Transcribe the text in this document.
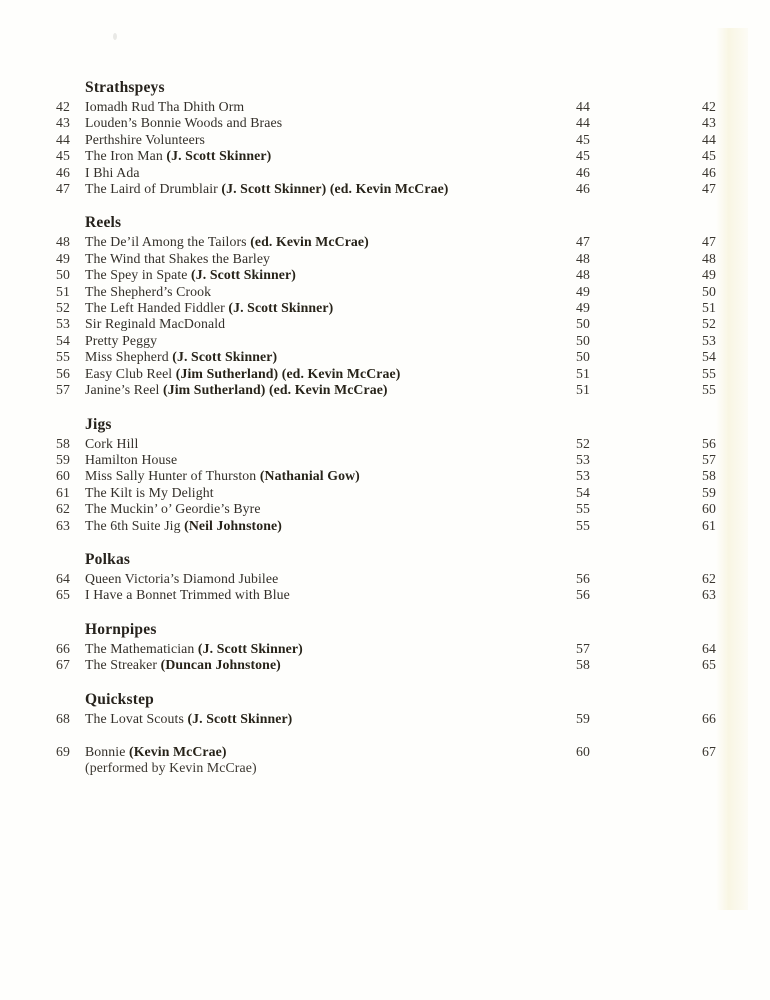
Strathspeys
42	Iomadh Rud Tha Dhith Orm	44	42
43	Louden’s Bonnie Woods and Braes	44	43
44	Perthshire Volunteers	45	44
45	The Iron Man (J. Scott Skinner)	45	45
46	I Bhi Ada	46	46
47	The Laird of Drumblair (J. Scott Skinner) (ed. Kevin McCrae)	46	47
Reels
48	The De’il Among the Tailors (ed. Kevin McCrae)	47	47
49	The Wind that Shakes the Barley	48	48
50	The Spey in Spate (J. Scott Skinner)	48	49
51	The Shepherd’s Crook	49	50
52	The Left Handed Fiddler (J. Scott Skinner)	49	51
53	Sir Reginald MacDonald	50	52
54	Pretty Peggy	50	53
55	Miss Shepherd (J. Scott Skinner)	50	54
56	Easy Club Reel (Jim Sutherland) (ed. Kevin McCrae)	51	55
57	Janine’s Reel (Jim Sutherland) (ed. Kevin McCrae)	51	55
Jigs
58	Cork Hill	52	56
59	Hamilton House	53	57
60	Miss Sally Hunter of Thurston (Nathanial Gow)	53	58
61	The Kilt is My Delight	54	59
62	The Muckin’ o’ Geordie’s Byre	55	60
63	The 6th Suite Jig (Neil Johnstone)	55	61
Polkas
64	Queen Victoria’s Diamond Jubilee	56	62
65	I Have a Bonnet Trimmed with Blue	56	63
Hornpipes
66	The Mathematician (J. Scott Skinner)	57	64
67	The Streaker (Duncan Johnstone)	58	65
Quickstep
68	The Lovat Scouts (J. Scott Skinner)	59	66
69	Bonnie (Kevin McCrae)	60	67
(performed by Kevin McCrae)
